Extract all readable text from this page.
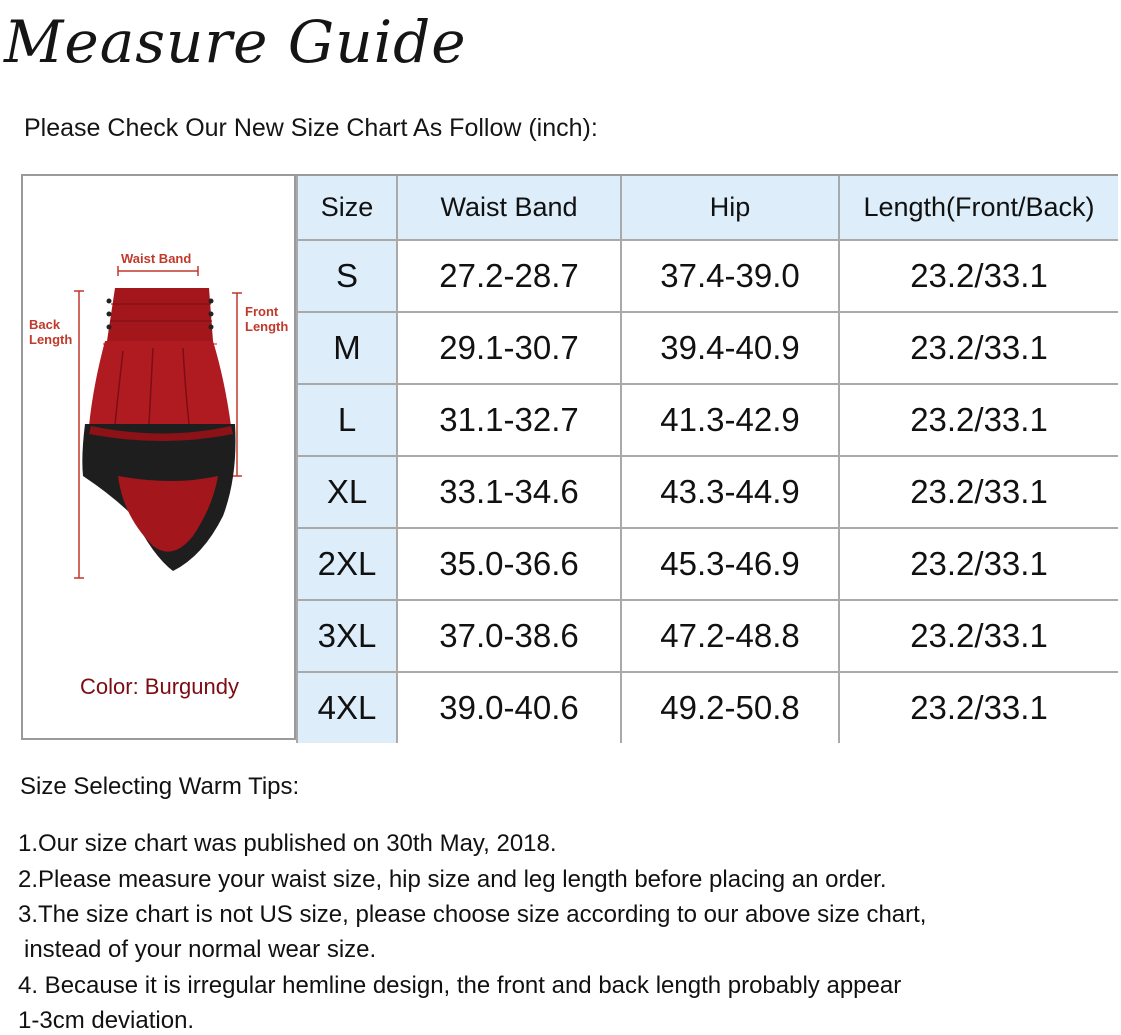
Measure Guide
Please Check Our New Size Chart As Follow (inch):
Waist Band
Back
Length
Front
Length
Color: Burgundy
Size	Waist Band	Hip	Length(Front/Back)
S	27.2-28.7	37.4-39.0	23.2/33.1
M	29.1-30.7	39.4-40.9	23.2/33.1
L	31.1-32.7	41.3-42.9	23.2/33.1
XL	33.1-34.6	43.3-44.9	23.2/33.1
2XL	35.0-36.6	45.3-46.9	23.2/33.1
3XL	37.0-38.6	47.2-48.8	23.2/33.1
4XL	39.0-40.6	49.2-50.8	23.2/33.1
Size Selecting Warm Tips:
1.Our size chart was published on 30th May, 2018.
2.Please measure your waist size, hip size and leg length before placing an order.
3.The size chart is not US size, please choose size according to our above size chart,
instead of your normal wear size.
4. Because it is irregular hemline design, the front and back length probably appear
1-3cm deviation.
